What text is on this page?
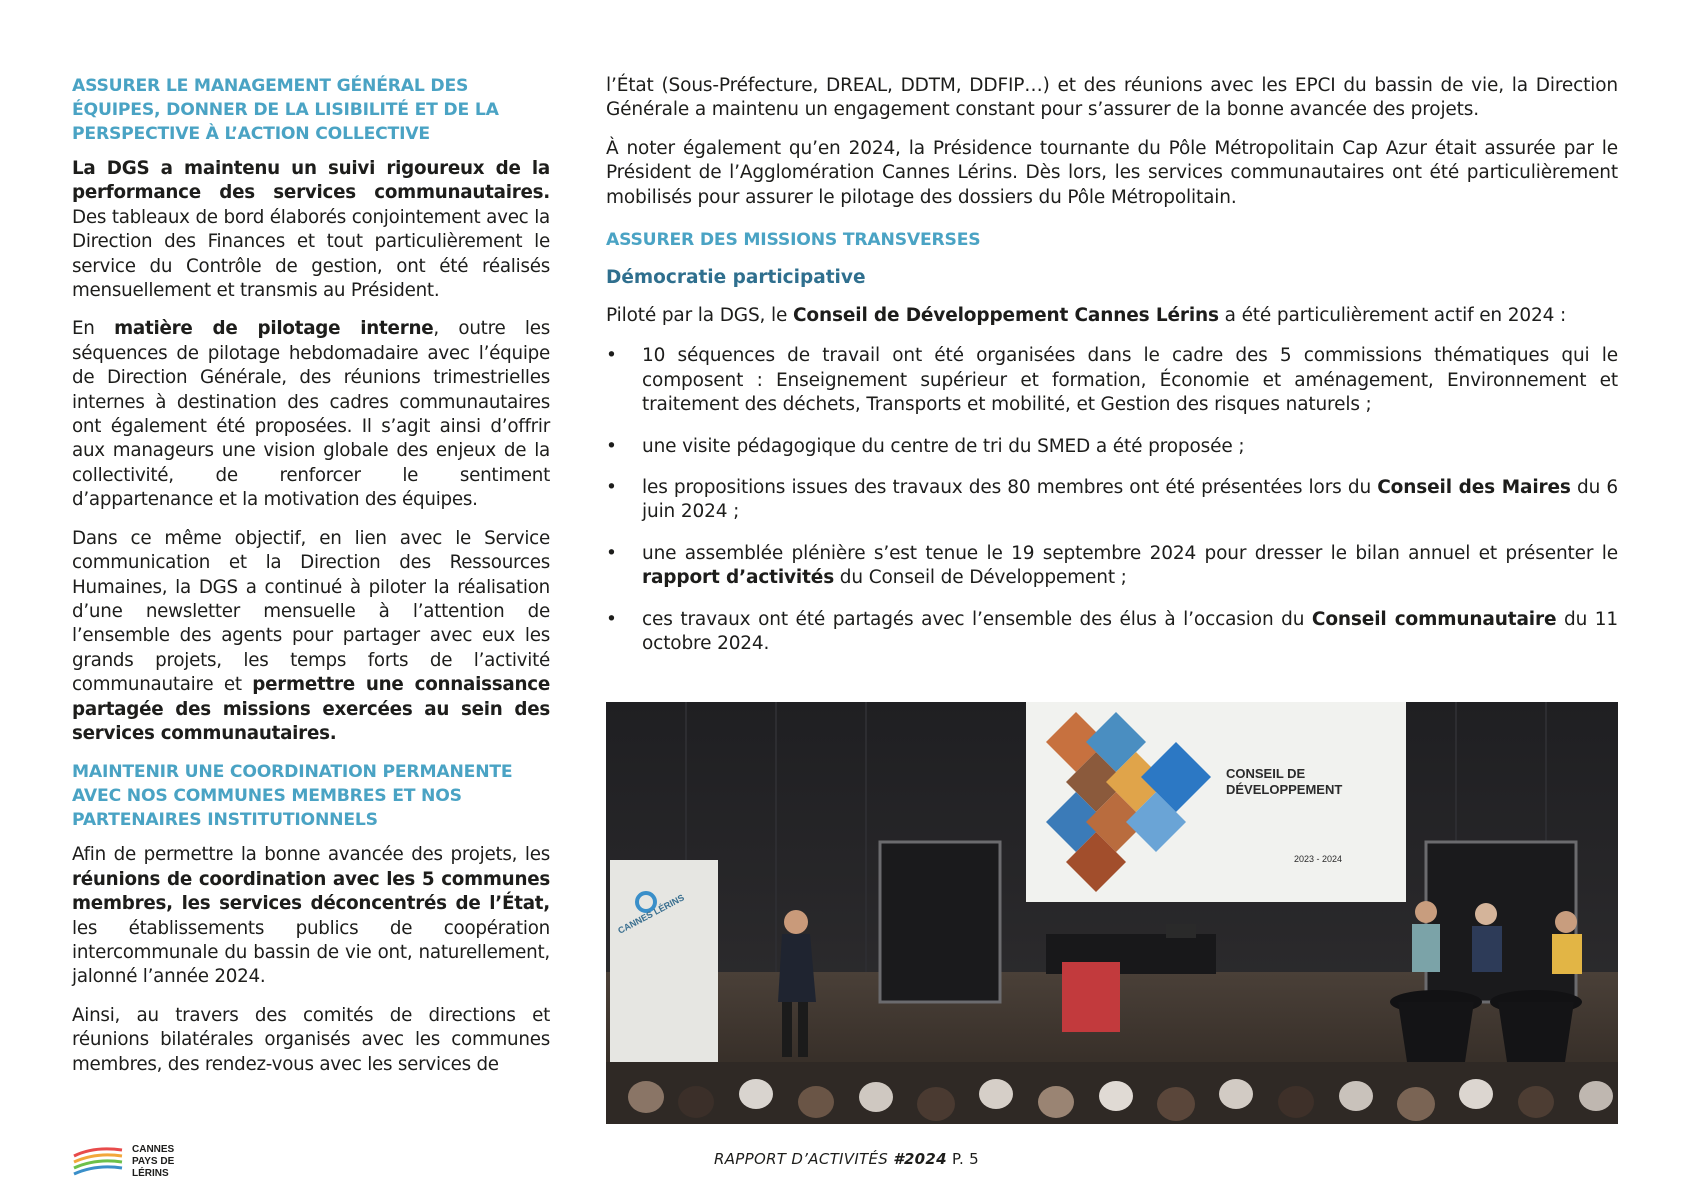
ASSURER LE MANAGEMENT GÉNÉRAL DES ÉQUIPES, DONNER DE LA LISIBILITÉ ET DE LA PERSPECTIVE À L’ACTION COLLECTIVE

La DGS a maintenu un suivi rigoureux de la performance des services communautaires. Des tableaux de bord élaborés conjointement avec la Direction des Finances et tout particulièrement le service du Contrôle de gestion, ont été réalisés mensuellement et transmis au Président.

En matière de pilotage interne, outre les séquences de pilotage hebdomadaire avec l’équipe de Direction Générale, des réunions trimestrielles internes à destination des cadres communautaires ont également été proposées. Il s’agit ainsi d’offrir aux manageurs une vision globale des enjeux de la collectivité, de renforcer le sentiment d’appartenance et la motivation des équipes.

Dans ce même objectif, en lien avec le Service communication et la Direction des Ressources Humaines, la DGS a continué à piloter la réalisation d’une newsletter mensuelle à l’attention de l’ensemble des agents pour partager avec eux les grands projets, les temps forts de l’activité communautaire et permettre une connaissance partagée des missions exercées au sein des services communautaires.

MAINTENIR UNE COORDINATION PERMANENTE AVEC NOS COMMUNES MEMBRES ET NOS PARTENAIRES INSTITUTIONNELS

Afin de permettre la bonne avancée des projets, les réunions de coordination avec les 5 communes membres, les services déconcentrés de l’État, les établissements publics de coopération intercommunale du bassin de vie ont, naturellement, jalonné l’année 2024.

Ainsi, au travers des comités de directions et réunions bilatérales organisés avec les communes membres, des rendez-vous avec les services de

l’État (Sous-Préfecture, DREAL, DDTM, DDFIP…) et des réunions avec les EPCI du bassin de vie, la Direction Générale a maintenu un engagement constant pour s’assurer de la bonne avancée des projets.

À noter également qu’en 2024, la Présidence tournante du Pôle Métropolitain Cap Azur était assurée par le Président de l’Agglomération Cannes Lérins. Dès lors, les services communautaires ont été particulièrement mobilisés pour assurer le pilotage des dossiers du Pôle Métropolitain.

ASSURER DES MISSIONS TRANSVERSES
Démocratie participative

Piloté par la DGS, le Conseil de Développement Cannes Lérins a été particulièrement actif en 2024 :

• 10 séquences de travail ont été organisées dans le cadre des 5 commissions thématiques qui le composent : Enseignement supérieur et formation, Économie et aménagement, Environnement et traitement des déchets, Transports et mobilité, et Gestion des risques naturels ;
• une visite pédagogique du centre de tri du SMED a été proposée ;
• les propositions issues des travaux des 80 membres ont été présentées lors du Conseil des Maires du 6 juin 2024 ;
• une assemblée plénière s’est tenue le 19 septembre 2024 pour dresser le bilan annuel et présenter le rapport d’activités du Conseil de Développement ;
• ces travaux ont été partagés avec l’ensemble des élus à l’occasion du Conseil communautaire du 11 octobre 2024.
CONSEIL DE
DÉVELOPPEMENT
2023 - 2024
CANNES LÉRINS
CANNES
PAYS DE
LÉRINS
RAPPORT D’ACTIVITÉS #2024 P. 5
